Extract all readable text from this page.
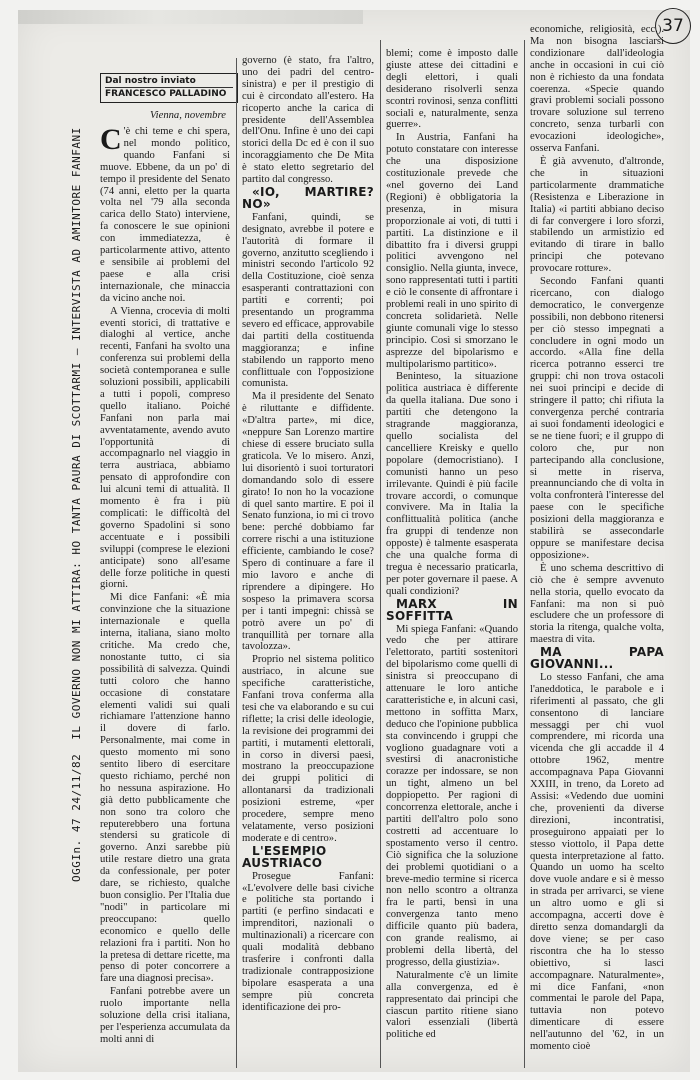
37
OGGIn. 47 24/11/82IL GOVERNO NON MI ATTIRA: HO TANTA PAURA DI SCOTTARMI — INTERVISTA AD AMINTORE FANFANI
Dal nostro inviato
FRANCESCO PALLADINO
Vienna, novembre

C 'è chi teme e chi spera, nel mondo politico, quando Fanfani si muove. Ebbene, da un po' di tempo il presidente del Senato (74 anni, eletto per la quarta volta nel '79 alla seconda carica dello Stato) interviene, fa conoscere le sue opinioni con immediatezza, è particolarmente attivo, attento e sensibile ai problemi del paese e alla crisi internazionale, che minaccia da vicino anche noi.

A Vienna, crocevia di molti eventi storici, di trattative e dialoghi al vertice, anche recenti, Fanfani ha svolto una conferenza sui problemi della società contemporanea e sulle soluzioni possibili, applicabili a tutti i popoli, compreso quello italiano. Poiché Fanfani non parla mai avventatamente, avendo avuto l'opportunità di accompagnarlo nel viaggio in terra austriaca, abbiamo pensato di approfondire con lui alcuni temi di attualità. Il momento è fra i più complicati: le difficoltà del governo Spadolini si sono accentuate e i possibili sviluppi (comprese le elezioni anticipate) sono all'esame delle forze politiche in questi giorni.

Mi dice Fanfani: «È mia convinzione che la situazione internazionale e quella interna, italiana, siano molto critiche. Ma credo che, nonostante tutto, ci sia possibilità di salvezza. Quindi tutti coloro che hanno occasione di constatare elementi validi sui quali richiamare l'attenzione hanno il dovere di farlo. Personalmente, mai come in questo momento mi sono sentito libero di esercitare questo richiamo, perché non ho nessuna aspirazione. Ho già detto pubblicamente che non sono tra coloro che reputerebbero una fortuna stendersi su graticole di governo. Anzi sarebbe più utile restare dietro una grata da confessionale, per poter dare, se richiesto, qualche buon consiglio. Per l'Italia due "nodi" in particolare mi preoccupano: quello economico e quello delle relazioni fra i partiti. Non ho la pretesa di dettare ricette, ma penso di poter concorrere a fare una diagnosi precisa».

Fanfani potrebbe avere un ruolo importante nella soluzione della crisi italiana, per l'esperienza accumulata da molti anni di

governo (è stato, fra l'altro, uno dei padri del centro-sinistra) e per il prestigio di cui è circondato all'estero. Ha ricoperto anche la carica di presidente dell'Assemblea dell'Onu. Infine è uno dei capi storici della Dc ed è con il suo incoraggiamento che De Mita è stato eletto segretario del partito dal congresso.

«IO, MARTIRE? NO»

Fanfani, quindi, se designato, avrebbe il potere e l'autorità di formare il governo, anzitutto scegliendo i ministri secondo l'articolo 92 della Costituzione, cioè senza esasperanti contrattazioni con partiti e correnti; poi presentando un programma severo ed efficace, approvabile dai partiti della costituenda maggioranza; e infine stabilendo un rapporto meno conflittuale con l'opposizione comunista.

Ma il presidente del Senato è riluttante e diffidente. «D'altra parte», mi dice, «neppure San Lorenzo martire chiese di essere bruciato sulla graticola. Ve lo misero. Anzi, lui disorientò i suoi torturatori domandando solo di essere girato! Io non ho la vocazione di quel santo martire. E poi il Senato funziona, io mi ci trovo bene: perché dobbiamo far correre rischi a una istituzione efficiente, cambiando le cose? Spero di continuare a fare il mio lavoro e anche di riprendere a dipingere. Ho sospeso la primavera scorsa per i tanti impegni: chissà se potrò avere un po' di tranquillità per tornare alla tavolozza».

Proprio nel sistema politico austriaco, in alcune sue specifiche caratteristiche, Fanfani trova conferma alla tesi che va elaborando e su cui riflette; la crisi delle ideologie, la revisione dei programmi dei partiti, i mutamenti elettorali, in corso in diversi paesi, mostrano la preoccupazione dei gruppi politici di allontanarsi da tradizionali posizioni estreme, «per procedere, sempre meno velatamente, verso posizioni moderate e di centro».

L'ESEMPIO AUSTRIACO

Prosegue Fanfani: «L'evolvere delle basi civiche e politiche sta portando i partiti (e perfino sindacati e imprenditori, nazionali o multinazionali) a ricercare con quali modalità debbano trasferire i confronti dalla tradizionale contrapposizione bipolare esasperata a una sempre più concreta identificazione dei pro-

blemi; come è imposto dalle giuste attese dei cittadini e degli elettori, i quali desiderano risolverli senza scontri rovinosi, senza conflitti sociali e, naturalmente, senza guerre».

In Austria, Fanfani ha potuto constatare con interesse che una disposizione costituzionale prevede che «nel governo dei Land (Regioni) è obbligatoria la presenza, in misura proporzionale ai voti, di tutti i partiti. La distinzione e il dibattito fra i diversi gruppi politici avvengono nel consiglio. Nella giunta, invece, sono rappresentati tutti i partiti e ciò le consente di affrontare i problemi reali in uno spirito di concreta solidarietà. Nelle giunte comunali vige lo stesso principio. Così si smorzano le asprezze del bipolarismo e multipolarismo partitico».

Beninteso, la situazione politica austriaca è differente da quella italiana. Due sono i partiti che detengono la stragrande maggioranza, quello socialista del cancelliere Kreisky e quello popolare (democristiano). I comunisti hanno un peso irrilevante. Quindi è più facile trovare accordi, o comunque convivere. Ma in Italia la conflittualità politica (anche fra gruppi di tendenze non opposte) è talmente esasperata che una qualche forma di tregua è necessario praticarla, per poter governare il paese. A quali condizioni?

MARX IN SOFFITTA

Mi spiega Fanfani: «Quando vedo che per attirare l'elettorato, partiti sostenitori del bipolarismo come quelli di sinistra si preoccupano di attenuare le loro antiche caratteristiche e, in alcuni casi, mettono in soffitta Marx, deduco che l'opinione pubblica sta convincendo i gruppi che vogliono guadagnare voti a svestirsi di anacronistiche corazze per indossare, se non un tight, almeno un bel doppiopetto. Per ragioni di concorrenza elettorale, anche i partiti dell'altro polo sono costretti ad accentuare lo spostamento verso il centro. Ciò significa che la soluzione dei problemi quotidiani o a breve-medio termine si ricerca non nello scontro a oltranza fra le parti, bensì in una convergenza tanto meno difficile quanto più badera, con grande realismo, ai problemi della libertà, del progresso, della giustizia».

Naturalmente c'è un limite alla convergenza, ed è rappresentato dai principi che ciascun partito ritiene siano valori essenziali (libertà politiche ed

economiche, religiosità, ecc.). Ma non bisogna lasciarsi condizionare dall'ideologia anche in occasioni in cui ciò non è richiesto da una fondata coerenza. «Specie quando gravi problemi sociali possono trovare soluzione sul terreno concreto, senza turbarli con evocazioni ideologiche», osserva Fanfani.

È già avvenuto, d'altronde, che in situazioni particolarmente drammatiche (Resistenza e Liberazione in Italia) «i partiti abbiano deciso di far convergere i loro sforzi, stabilendo un armistizio ed evitando di tirare in ballo principi che potevano provocare rotture».

Secondo Fanfani quanti ricercano, con dialogo democratico, le convergenze possibili, non debbono ritenersi per ciò stesso impegnati a concludere in ogni modo un accordo. «Alla fine della ricerca potranno esserci tre gruppi: chi non trova ostacoli nei suoi principi e decide di stringere il patto; chi rifiuta la convergenza perché contraria ai suoi fondamenti ideologici e se ne tiene fuori; e il gruppo di coloro che, pur non partecipando alla conclusione, si mette in riserva, preannunciando che di volta in volta confronterà l'interesse del paese con le specifiche posizioni della maggioranza e stabilirà se assecondarle oppure se manifestare decisa opposizione».

È uno schema descrittivo di ciò che è sempre avvenuto nella storia, quello evocato da Fanfani: ma non si può escludere che un professore di storia la ritenga, qualche volta, maestra di vita.

MA PAPA GIOVANNI...

Lo stesso Fanfani, che ama l'aneddotica, le parabole e i riferimenti al passato, che gli consentono di lanciare messaggi per chi vuol comprendere, mi ricorda una vicenda che gli accadde il 4 ottobre 1962, mentre accompagnava Papa Giovanni XXIII, in treno, da Loreto ad Assisi: «Vedendo due uomini che, provenienti da diverse direzioni, incontratisi, proseguirono appaiati per lo stesso viottolo, il Papa dette questa interpretazione al fatto. Quando un uomo ha scelto dove vuole andare e si è messo in strada per arrivarci, se viene un altro uomo e gli si accompagna, accerti dove è diretto senza domandargli da dove viene; se per caso riscontra che ha lo stesso obiettivo, si lasci accompagnare. Naturalmente», mi dice Fanfani, «non commentai le parole del Papa, tuttavia non potevo dimenticare di essere nell'autunno del '62, in un momento cioè
